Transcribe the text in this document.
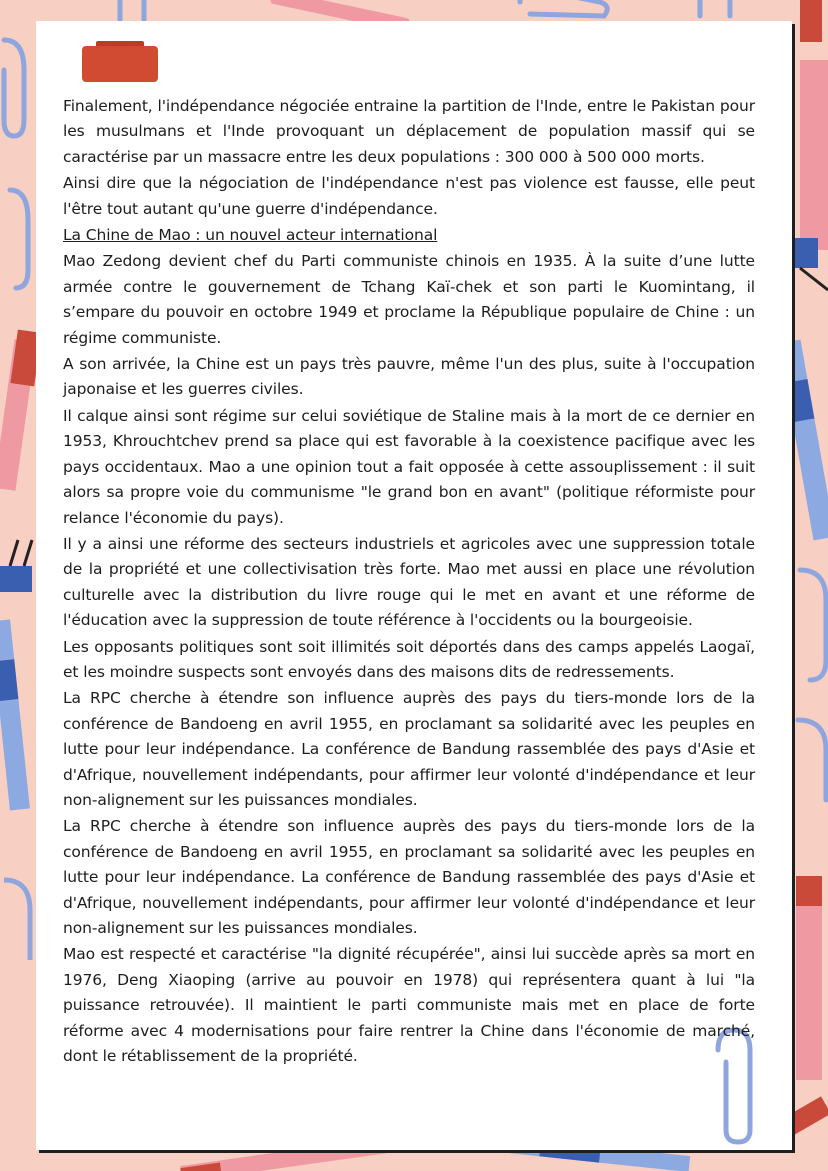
Finalement, l'indépendance négociée entraine la partition de l'Inde, entre le Pakistan pour les musulmans et l'Inde provoquant un déplacement de population massif qui se caractérise par un massacre entre les deux populations : 300 000 à 500 000 morts.

Ainsi dire que la négociation de l'indépendance n'est pas violence est fausse, elle peut l'être tout autant qu'une guerre d'indépendance.

La Chine de Mao : un nouvel acteur international

Mao Zedong devient chef du Parti communiste chinois en 1935. À la suite d’une lutte armée contre le gouvernement de Tchang Kaï-chek et son parti le Kuomintang, il s’empare du pouvoir en octobre 1949 et proclame la République populaire de Chine : un régime communiste.

A son arrivée, la Chine est un pays très pauvre, même l'un des plus, suite à l'occupation japonaise et les guerres civiles.

Il calque ainsi sont régime sur celui soviétique de Staline mais à la mort de ce dernier en 1953, Khrouchtchev prend sa place qui est favorable à la coexistence pacifique avec les pays occidentaux. Mao a une opinion tout a fait opposée à cette assouplissement : il suit alors sa propre voie du communisme "le grand bon en avant" (politique réformiste pour relance l'économie du pays).

Il y a ainsi une réforme des secteurs industriels et agricoles avec une suppression totale de la propriété et une collectivisation très forte. Mao met aussi en place une révolution culturelle avec la distribution du livre rouge qui le met en avant et une réforme de l'éducation avec la suppression de toute référence à l'occidents ou la bourgeoisie.

Les opposants politiques sont soit illimités soit déportés dans des camps appelés Laogaï, et les moindre suspects sont envoyés dans des maisons dits de redressements.

La RPC cherche à étendre son influence auprès des pays du tiers-monde lors de la conférence de Bandoeng en avril 1955, en proclamant sa solidarité avec les peuples en lutte pour leur indépendance. La conférence de Bandung rassemblée des pays d'Asie et d'Afrique, nouvellement indépendants, pour affirmer leur volonté d'indépendance et leur non-alignement sur les puissances mondiales.

La RPC cherche à étendre son influence auprès des pays du tiers-monde lors de la conférence de Bandoeng en avril 1955, en proclamant sa solidarité avec les peuples en lutte pour leur indépendance. La conférence de Bandung rassemblée des pays d'Asie et d'Afrique, nouvellement indépendants, pour affirmer leur volonté d'indépendance et leur non-alignement sur les puissances mondiales.

Mao est respecté et caractérise "la dignité récupérée", ainsi lui succède après sa mort en 1976, Deng Xiaoping (arrive au pouvoir en 1978) qui représentera quant à lui "la puissance retrouvée). Il maintient le parti communiste mais met en place de forte réforme avec 4 modernisations pour faire rentrer la Chine dans l'économie de marché, dont le rétablissement de la propriété.
